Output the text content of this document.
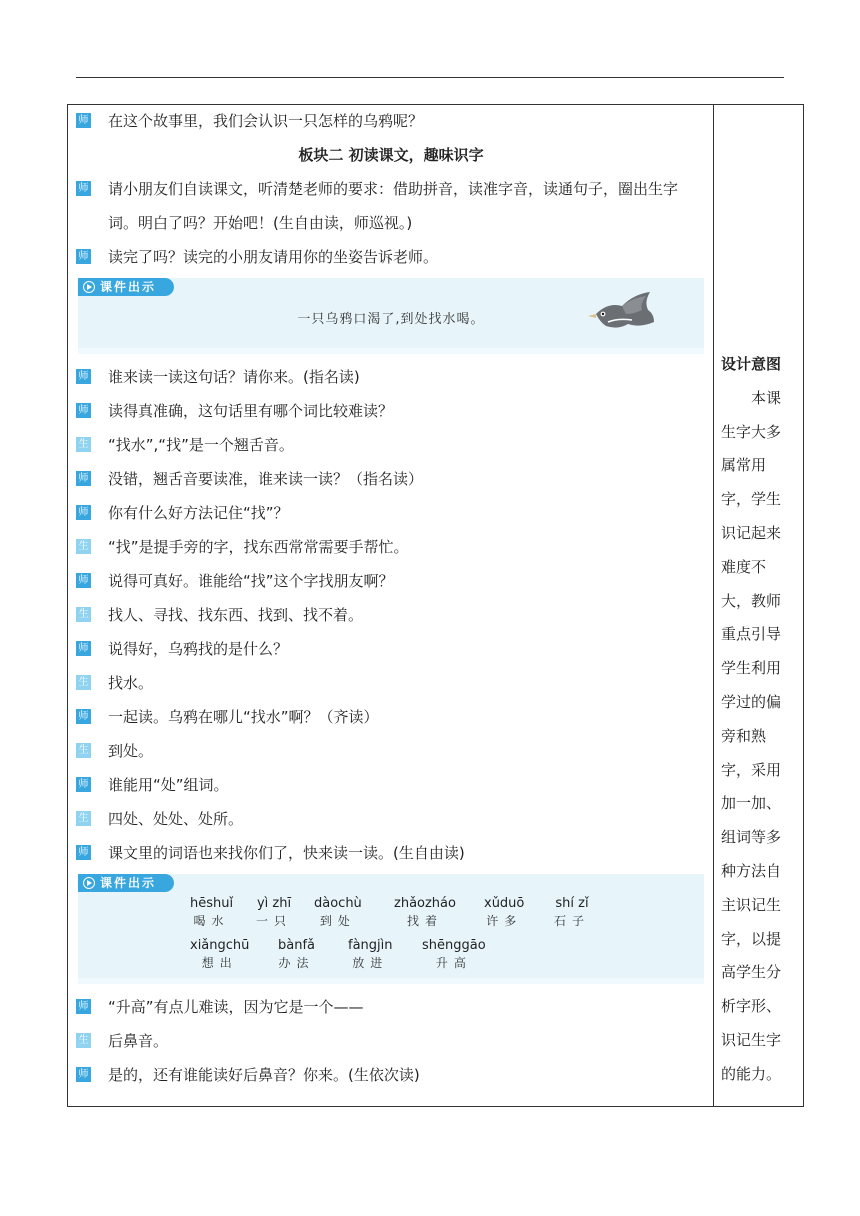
师 在这个故事里，我们会认识一只怎样的乌鸦呢？
板块二 初读课文，趣味识字
师 请小朋友们自读课文，听清楚老师的要求：借助拼音，读准字音，读通句子，圈出生字词。明白了吗？开始吧！(生自由读，师巡视。)
师 读完了吗？读完的小朋友请用你的坐姿告诉老师。
一只乌鸦口渴了,到处找水喝。
课件出示
师 谁来读一读这句话？请你来。(指名读)
师 读得真准确，这句话里有哪个词比较难读？
生 “找水”,“找”是一个翘舌音。
师 没错，翘舌音要读准，谁来读一读？（指名读）
师 你有什么好方法记住“找”？
生 “找”是提手旁的字，找东西常常需要手帮忙。
师 说得可真好。谁能给“找”这个字找朋友啊？
生 找人、寻找、找东西、找到、找不着。
师 说得好，乌鸦找的是什么？
生 找水。
师 一起读。乌鸦在哪儿“找水”啊？（齐读）
生 到处。
师 谁能用“处”组词。
生 四处、处处、处所。
师 课文里的词语也来找你们了，快来读一读。(生自由读)
hēshuǐ
喝水
yì zhī
一只
dàochù
到处
zhǎozháo
找着
xǔduō
许多
shí zǐ
石子
xiǎngchū
想出
bànfǎ
办法
fàngjìn
放进
shēnggāo
升高
课件出示
师 “升高”有点儿难读，因为它是一个——
生 后鼻音。
师 是的，还有谁能读好后鼻音？你来。(生依次读)
设计意图
本课生字大多属常用字，学生识记起来难度不大，教师重点引导学生利用学过的偏旁和熟字，采用加一加、组词等多种方法自主识记生字，以提高学生分析字形、识记生字的能力。
